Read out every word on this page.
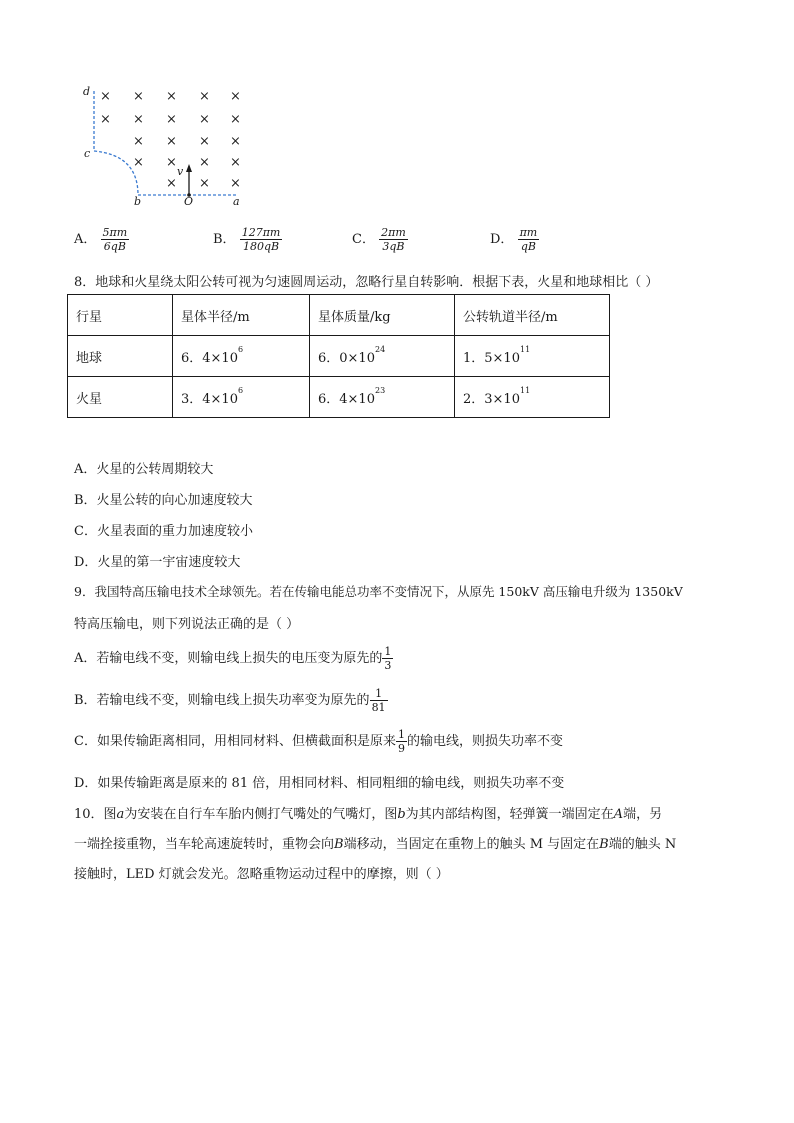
× × × × ×
× × × × ×
× × × ×
× × × ×
× × ×
d
c
v
b	O	a
A． $\frac{5\pi m}{6qB}$	B． $\frac{127\pi m}{180qB}$	C． $\frac{2\pi m}{3qB}$	D． $\frac{\pi m}{qB}$
8．地球和火星绕太阳公转可视为匀速圆周运动，忽略行星自转影响．根据下表，火星和地球相比（ ）
行星	星体半径/m	星体质量/kg	公转轨道半径/m
地球	6．$4\times 10^6$	6．$0\times 10^{24}$	1．$5\times 10^{11}$
火星	3．$4\times 10^6$	6．$4\times 10^{23}$	2．$3\times 10^{11}$
A．火星的公转周期较大
B．火星公转的向心加速度较大
C．火星表面的重力加速度较小
D．火星的第一宇宙速度较大
9．我国特高压输电技术全球领先。若在传输电能总功率不变情况下，从原先 150kV 高压输电升级为 1350kV
特高压输电，则下列说法正确的是（ ）
A．若输电线不变，则输电线上损失的电压变为原先的 $\frac{1}{3}$
B．若输电线不变，则输电线上损失功率变为原先的 $\frac{1}{81}$
C．如果传输距离相同，用相同材料、但横截面积是原来 $\frac{1}{9}$ 的输电线，则损失功率不变
D．如果传输距离是原来的 81 倍，用相同材料、相同粗细的输电线，则损失功率不变
10．图a为安装在自行车车胎内侧打气嘴处的气嘴灯，图b为其内部结构图，轻弹簧一端固定在A端，另
一端拴接重物，当车轮高速旋转时，重物会向B端移动，当固定在重物上的触头 M 与固定在B端的触头 N
接触时，LED 灯就会发光。忽略重物运动过程中的摩擦，则（ ）
